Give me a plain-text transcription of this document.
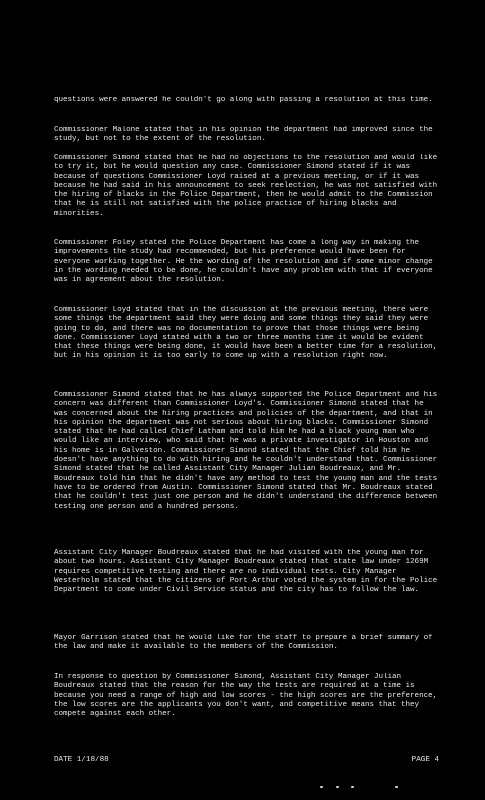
questions were answered he couldn't go along with passing a resolution at this time.
Commissioner Malone stated that in his opinion the department had improved since the study, but not to the extent of the resolution.
Commissioner Simond stated that he had no objections to the resolution and would like to try it, but he would question any case. Commissioner Simond stated if it was because of questions Commissioner Loyd raised at a previous meeting, or if it was because he had said in his announcement to seek reelection, he was not satisfied with the hiring of blacks in the Police Department, then he would admit to the Commission that he is still not satisfied with the police practice of hiring blacks and minorities.
Commissioner Foley stated the Police Department has come a long way in making the improvements the study had recommended, but his preference would have been for everyone working together. He the wording of the resolution and if some minor change in the wording needed to be done, he couldn't have any problem with that if everyone was in agreement about the resolution.
Commissioner Loyd stated that in the discussion at the previous meeting, there were some things the department said they were doing and some things they said they were going to do, and there was no documentation to prove that those things were being done. Commissioner Loyd stated with a two or three months time it would be evident that these things were being done, it would have been a better time for a resolution, but in his opinion it is too early to come up with a resolution right now.
Commissioner Simond stated that he has always supported the Police Department and his concern was different than Commissioner Loyd's. Commissioner Simond stated that he was concerned about the hiring practices and policies of the department, and that in his opinion the department was not serious about hiring blacks. Commissioner Simond stated that he had called Chief Latham and told him he had a black young man who would like an interview, who said that he was a private investigator in Houston and his home is in Galveston. Commissioner Simond stated that the Chief told him he doesn't have anything to do with hiring and he couldn't understand that. Commissioner Simond stated that he called Assistant City Manager Julian Boudreaux, and Mr. Boudreaux told him that he didn't have any method to test the young man and the tests have to be ordered from Austin. Commissioner Simond stated that Mr. Boudreaux stated that he couldn't test just one person and he didn't understand the difference between testing one person and a hundred persons.
Assistant City Manager Boudreaux stated that he had visited with the young man for about two hours. Assistant City Manager Boudreaux stated that state law under 1269M requires competitive testing and there are no individual tests. City Manager Westerholm stated that the citizens of Port Arthur voted the system in for the Police Department to come under Civil Service status and the city has to follow the law.
Mayor Garrison stated that he would like for the staff to prepare a brief summary of the law and make it available to the members of the Commission.
In response to question by Commissioner Simond, Assistant City Manager Julian Boudreaux stated that the reason for the way the tests are required at a time is because you need a range of high and low scores - the high scores are the preference, the low scores are the applicants you don't want, and competitive means that they compete against each other.
DATE 1/18/88	PAGE 4
